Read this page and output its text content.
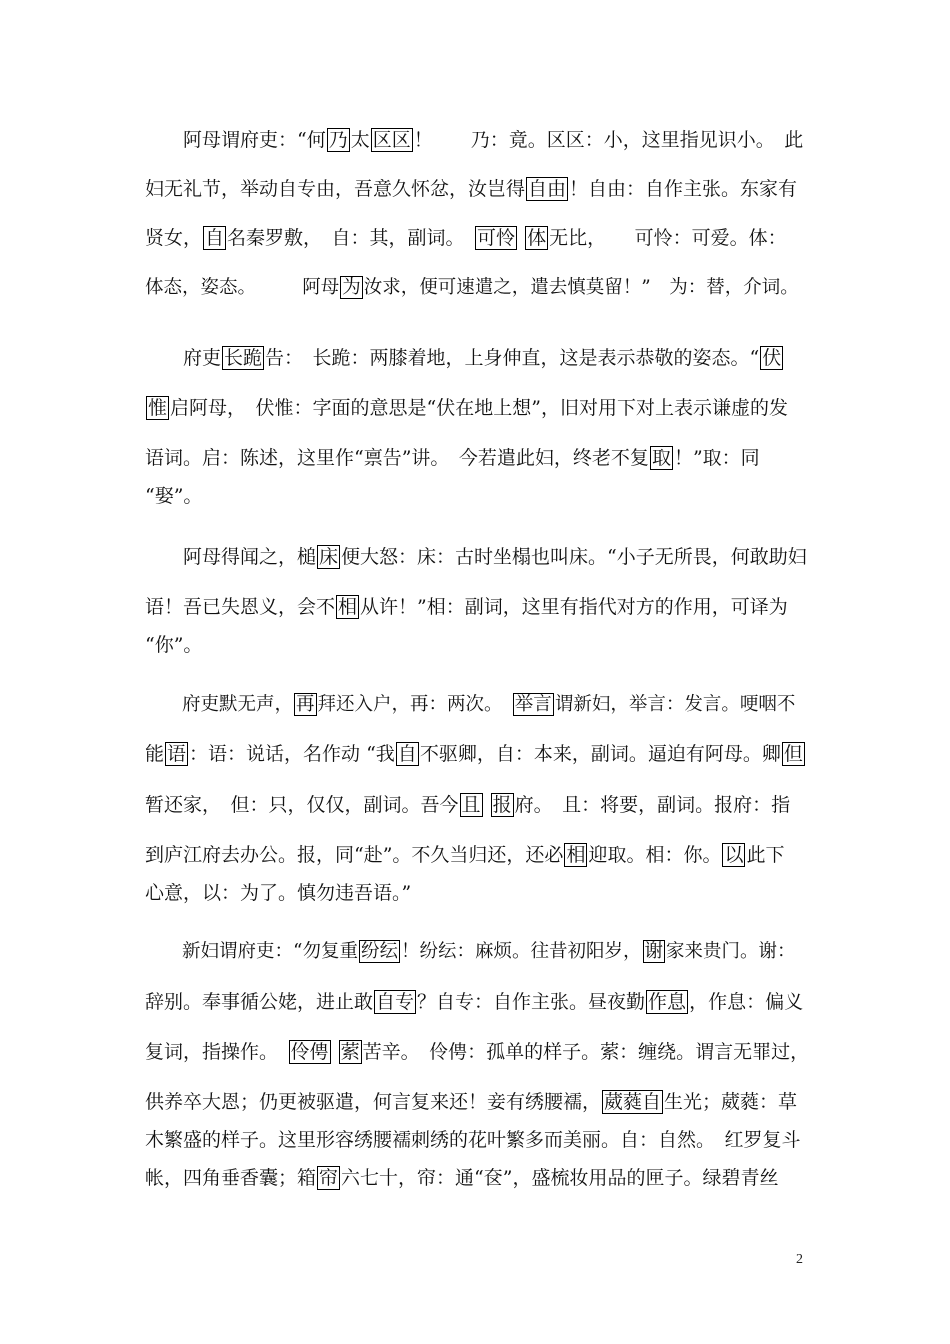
2
　　阿母谓府吏：“何 乃 太 区区 ！　　乃：竟。区区：小，这里指见识小。　此
妇无礼节，举动自专由，吾意久怀忿，汝岂得 自由 ！自由：自作主张。东家有
贤女， 自 名秦罗敷，　自：其，副词。　可怜 体 无比，　　可怜：可爱。体：
体态，姿态。　　　阿母 为 汝求，便可速遣之，遣去慎莫留！”　为：替，介词。
　　府吏 长跪 告：　长跪：两膝着地，上身伸直，这是表示恭敬的姿态。“ 伏
惟 启阿母，　伏惟：字面的意思是“伏在地上想”，旧对用下对上表示谦虚的发
语词。启：陈述，这里作“禀告”讲。　今若遣此妇，终老不复 取 ！”取：同
“娶”。
　　阿母得闻之，槌 床 便大怒：床：古时坐榻也叫床。“小子无所畏，何敢助妇
语！吾已失恩义，会不 相 从许！”相：副词，这里有指代对方的作用，可译为
“你”。
　　府吏默无声， 再 拜还入户，再：两次。　举言 谓新妇，举言：发言。哽咽不
能 语 ：语：说话，名作动 “我 自 不驱卿，自：本来，副词。逼迫有阿母。卿 但
暂还家，　但：只，仅仅，副词。吾今 且 报 府。　且：将要，副词。报府：指
到庐江府去办公。报，同“赴”。不久当归还，还必 相 迎取。相：你。 以 此下
心意，以：为了。慎勿违吾语。”
　　新妇谓府吏：“勿复重 纷纭 ！纷纭：麻烦。往昔初阳岁， 谢 家来贵门。谢：
辞别。奉事循公姥，进止敢 自专 ？自专：自作主张。昼夜勤 作息 ，作息：偏义
复词，指操作。　伶俜 萦 苦辛。　伶俜：孤单的样子。萦：缠绕。谓言无罪过，
供养卒大恩；仍更被驱遣，何言复来还！妾有绣腰襦， 葳蕤自 生光；葳蕤：草
木繁盛的样子。这里形容绣腰襦刺绣的花叶繁多而美丽。自：自然。　红罗复斗
帐，四角垂香囊；箱 帘 六七十，帘：通“奁”，盛梳妆用品的匣子。绿碧青丝
